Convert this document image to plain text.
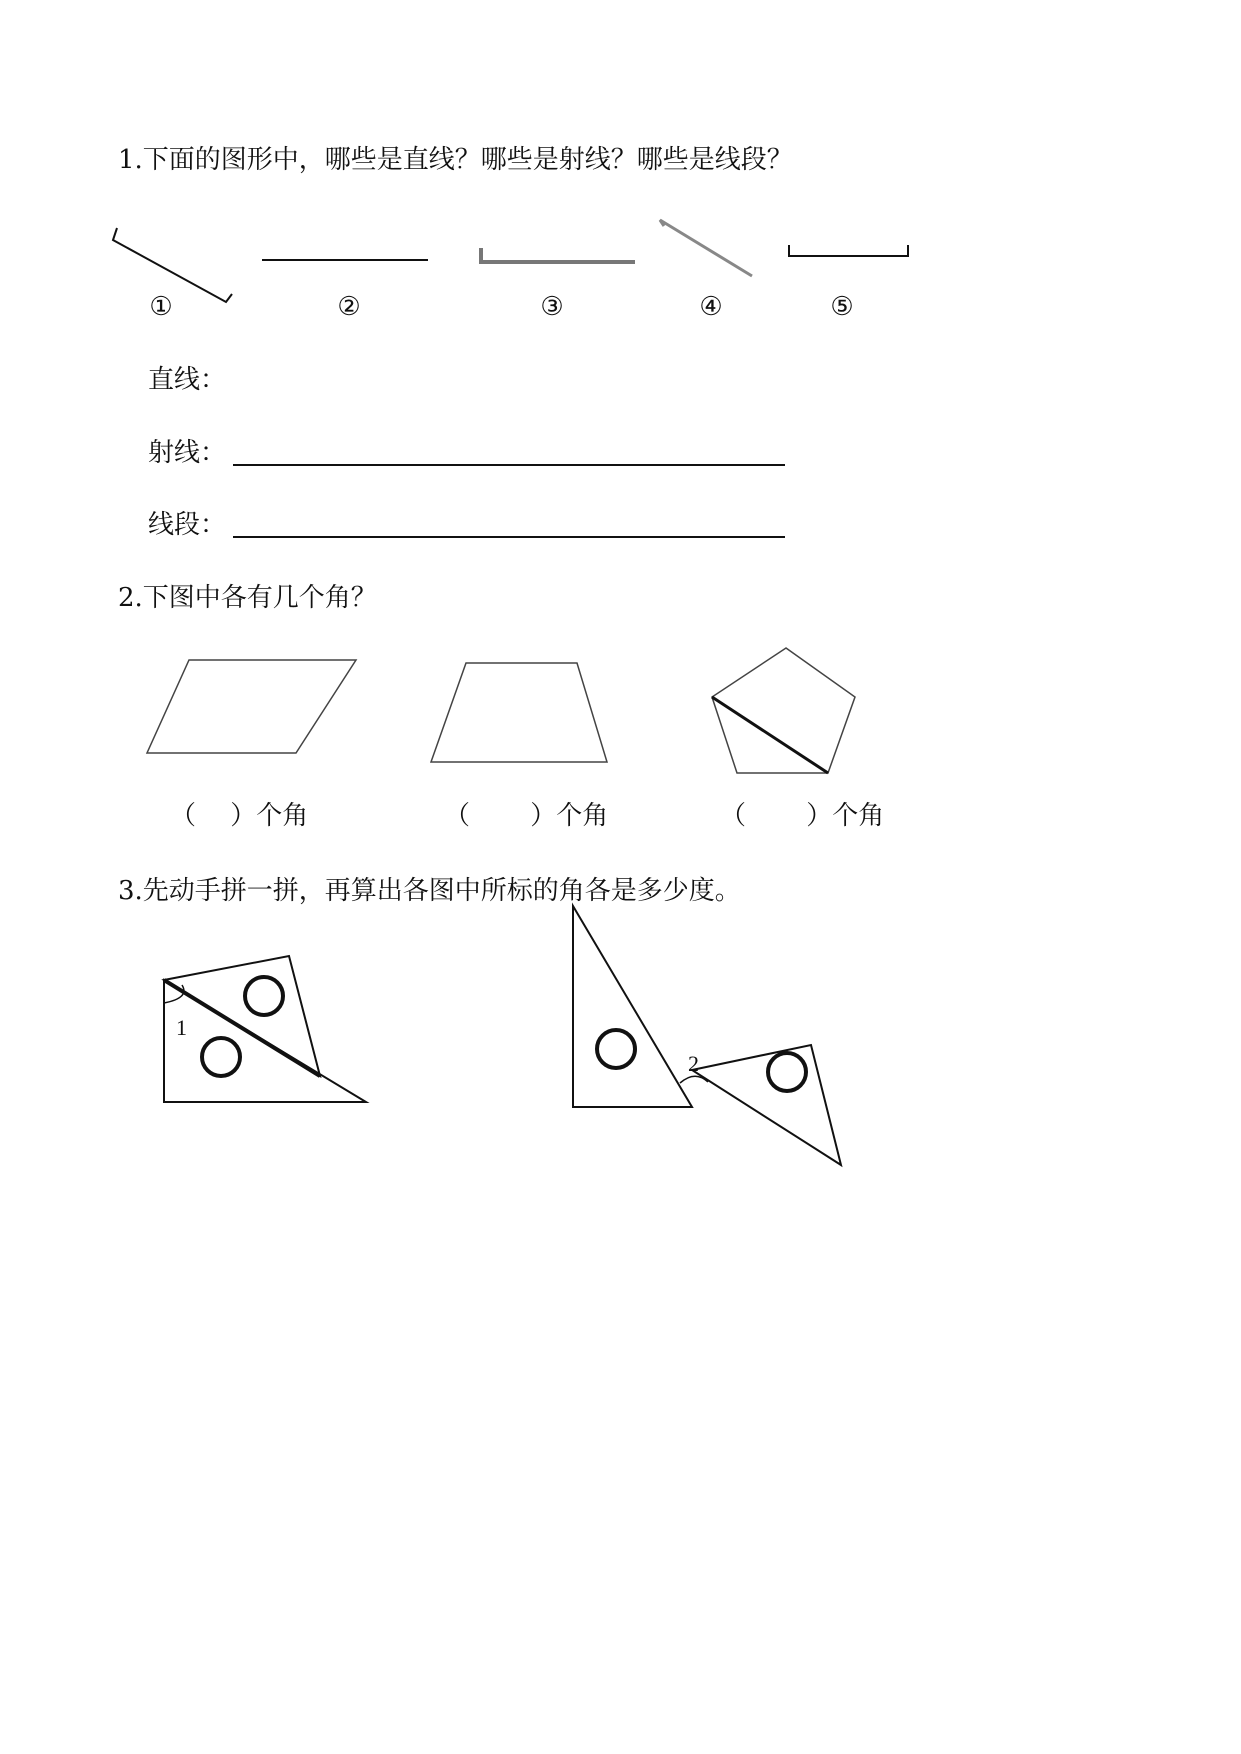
1.下面的图形中，哪些是直线？哪些是射线？哪些是线段？
①	②	③	④	⑤
直线：
射线：
线段：
2.下图中各有几个角？
（　 ）个角	（　　 ）个角	（　　 ）个角
3.先动手拼一拼，再算出各图中所标的角各是多少度。
1
2
